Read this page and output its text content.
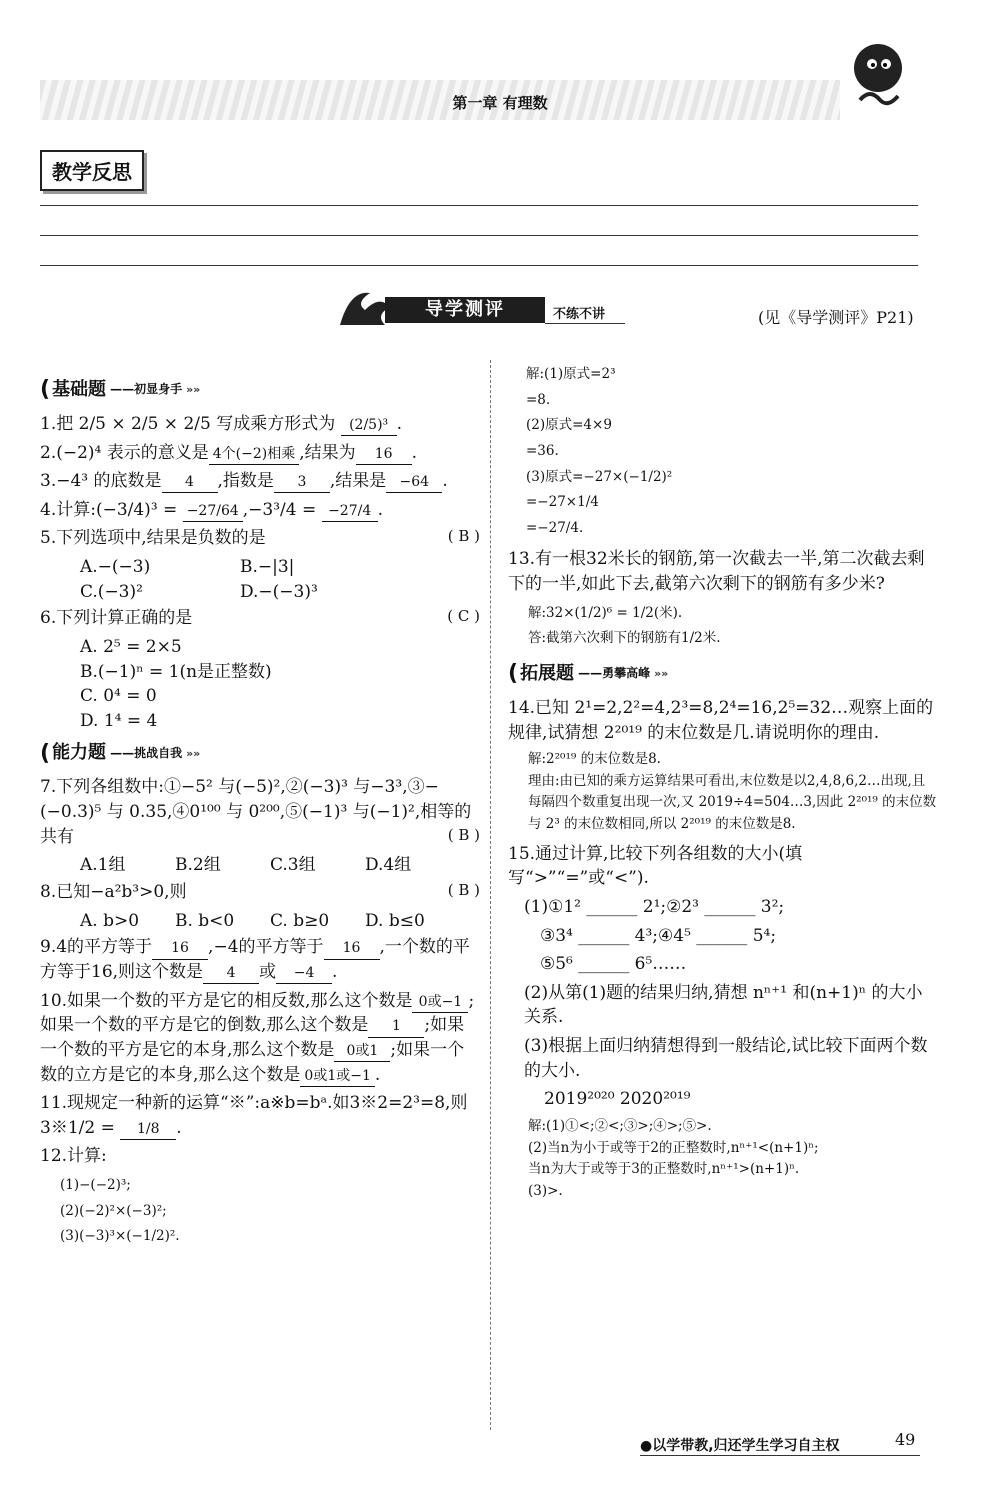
第一章 有理数
教学反思
导学测评	不练不讲	(见《导学测评》P21)
( 基础题 ——初显身手 »»
1.把 2/5 × 2/5 × 2/5 写成乘方形式为 (2/5)³ .
2.(−2)⁴ 表示的意义是 4个(−2)相乘 ,结果为 16 .
3.−4³ 的底数是 4 ,指数是 3 ,结果是 −64 .
4.计算:(−3/4)³ = −27/64 ,−3³/4 = −27/4 .
5.下列选项中,结果是负数的是	( B )
A.−(−3)	B.−|3|
C.(−3)²	D.−(−3)³
6.下列计算正确的是	( C )
A. 2⁵ = 2×5
B.(−1)ⁿ = 1(n是正整数)
C. 0⁴ = 0
D. 1⁴ = 4
( 能力题 ——挑战自我 »»
7.下列各组数中:①−5² 与(−5)²,②(−3)³ 与−3³,③−(−0.3)⁵ 与 0.35,④0¹⁰⁰ 与 0²⁰⁰,⑤(−1)³ 与(−1)²,相等的共有	( B )
A.1组	B.2组	C.3组	D.4组
8.已知−a²b³>0,则	( B )
A. b>0	B. b<0	C. b≥0	D. b≤0
9.4的平方等于 16 ,−4的平方等于 16 ,一个数的平方等于16,则这个数是 4 或 −4 .
10.如果一个数的平方是它的相反数,那么这个数是 0或−1 ;如果一个数的平方是它的倒数,那么这个数是 1 ;如果一个数的平方是它的本身,那么这个数是 0或1 ;如果一个数的立方是它的本身,那么这个数是 0或1或−1 .
11.现规定一种新的运算“※”:a※b=bᵃ.如3※2=2³=8,则3※1/2 = 1/8 .
12.计算:
(1)−(−2)³;
(2)(−2)²×(−3)²;
(3)(−3)³×(−1/2)².
解:(1)原式=2³
=8.
(2)原式=4×9
=36.
(3)原式=−27×(−1/2)²
=−27×1/4
=−27/4.
13.有一根32米长的钢筋,第一次截去一半,第二次截去剩下的一半,如此下去,截第六次剩下的钢筋有多少米?
解:32×(1/2)⁶ = 1/2(米).
答:截第六次剩下的钢筋有1/2米.
( 拓展题 ——勇攀高峰 »»
14.已知 2¹=2,2²=4,2³=8,2⁴=16,2⁵=32…观察上面的规律,试猜想 2²⁰¹⁹ 的末位数是几.请说明你的理由.
解:2²⁰¹⁹ 的末位数是8.
理由:由已知的乘方运算结果可看出,末位数是以2,4,8,6,2…出现,且每隔四个数重复出现一次,又 2019÷4=504…3,因此 2²⁰¹⁹ 的末位数与 2³ 的末位数相同,所以 2²⁰¹⁹ 的末位数是8.
15.通过计算,比较下列各组数的大小(填写“>”“=”或“<”).
(1)①1² ______ 2¹;②2³ ______ 3²;
③3⁴ ______ 4³;④4⁵ ______ 5⁴;
⑤5⁶ ______ 6⁵……
(2)从第(1)题的结果归纳,猜想 nⁿ⁺¹ 和(n+1)ⁿ 的大小关系.
(3)根据上面归纳猜想得到一般结论,试比较下面两个数的大小.
2019²⁰²⁰ 2020²⁰¹⁹
解:(1)①<;②<;③>;④>;⑤>.
(2)当n为小于或等于2的正整数时,nⁿ⁺¹<(n+1)ⁿ;
当n为大于或等于3的正整数时,nⁿ⁺¹>(n+1)ⁿ.
(3)>.
●以学带教,归还学生学习自主权	49
